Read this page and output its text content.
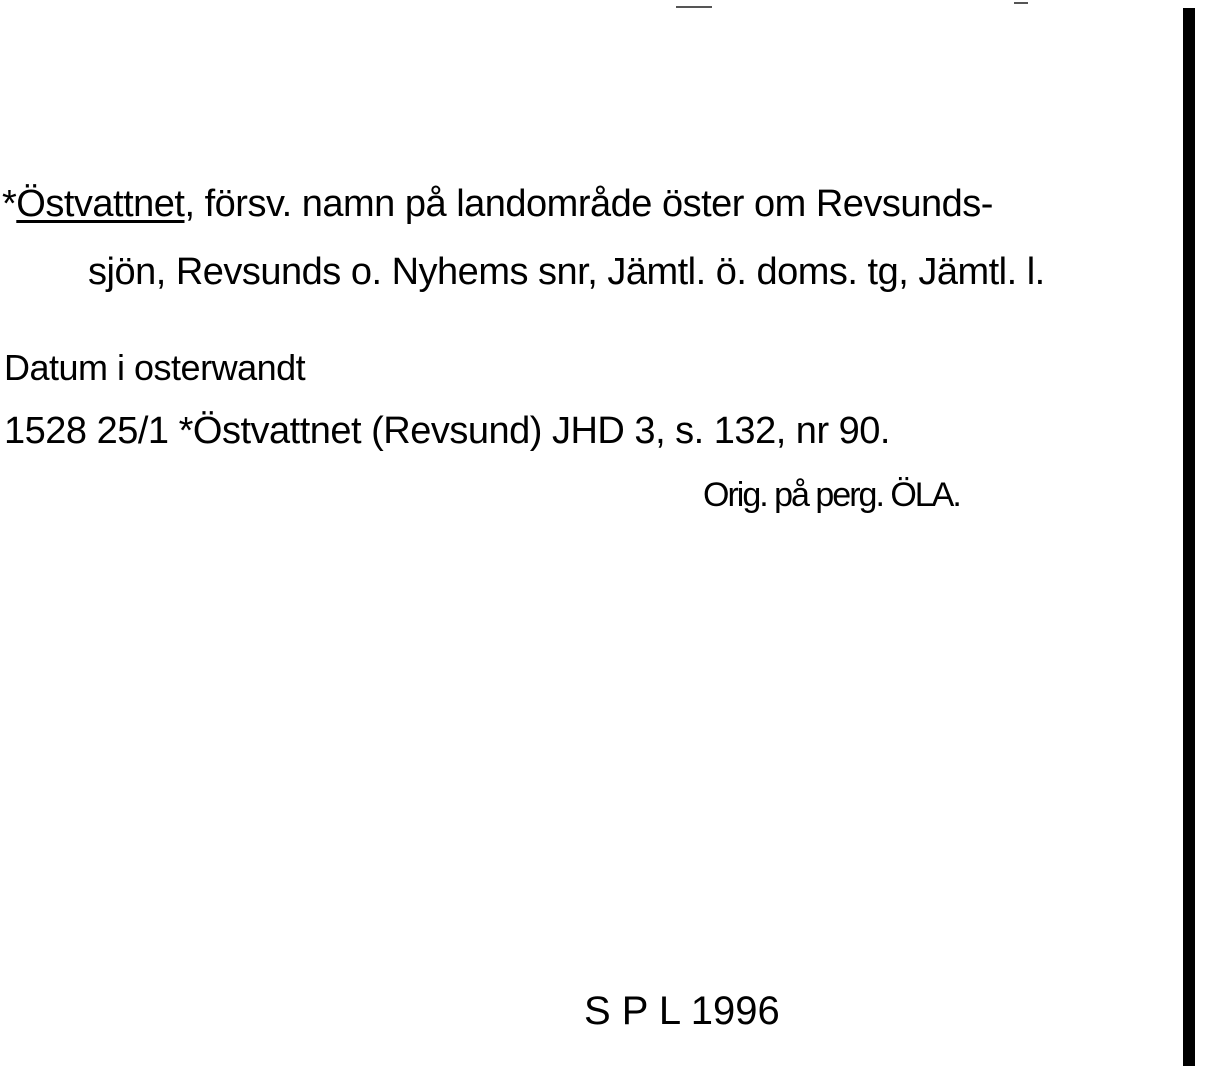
*Östvattnet, försv. namn på landområde öster om Revsunds-
sjön, Revsunds o. Nyhems snr, Jämtl. ö. doms. tg, Jämtl. l.
Datum i osterwandt
1528 25/1 *Östvattnet (Revsund) JHD 3, s. 132, nr 90.
Orig. på perg. ÖLA.
S P L 1996
